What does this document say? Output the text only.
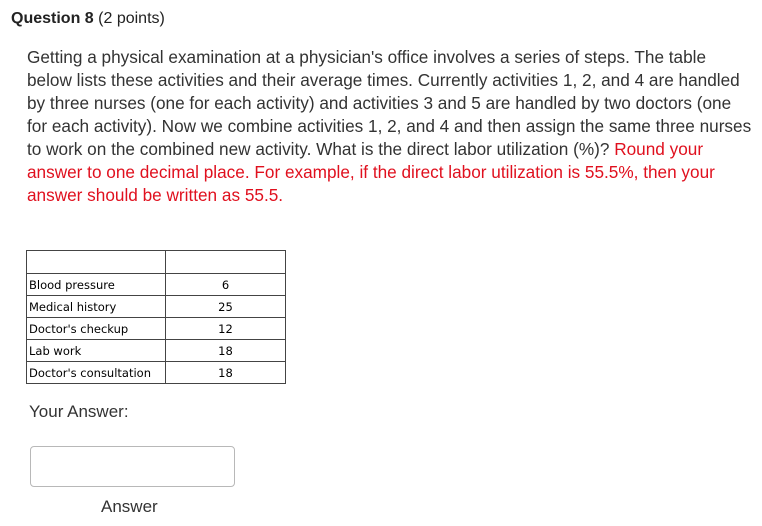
Question 8 (2 points)
Getting a physical examination at a physician's office involves a series of steps. The table below lists these activities and their average times. Currently activities 1, 2, and 4 are handled by three nurses (one for each activity) and activities 3 and 5 are handled by two doctors (one for each activity). Now we combine activities 1, 2, and 4 and then assign the same three nurses to work on the combined new activity. What is the direct labor utilization (%)? Round your answer to one decimal place. For example, if the direct labor utilization is 55.5%, then your answer should be written as 55.5.

Blood pressure	6
Medical history	25
Doctor's checkup	12
Lab work	18
Doctor's consultation	18
Your Answer:
Answer
